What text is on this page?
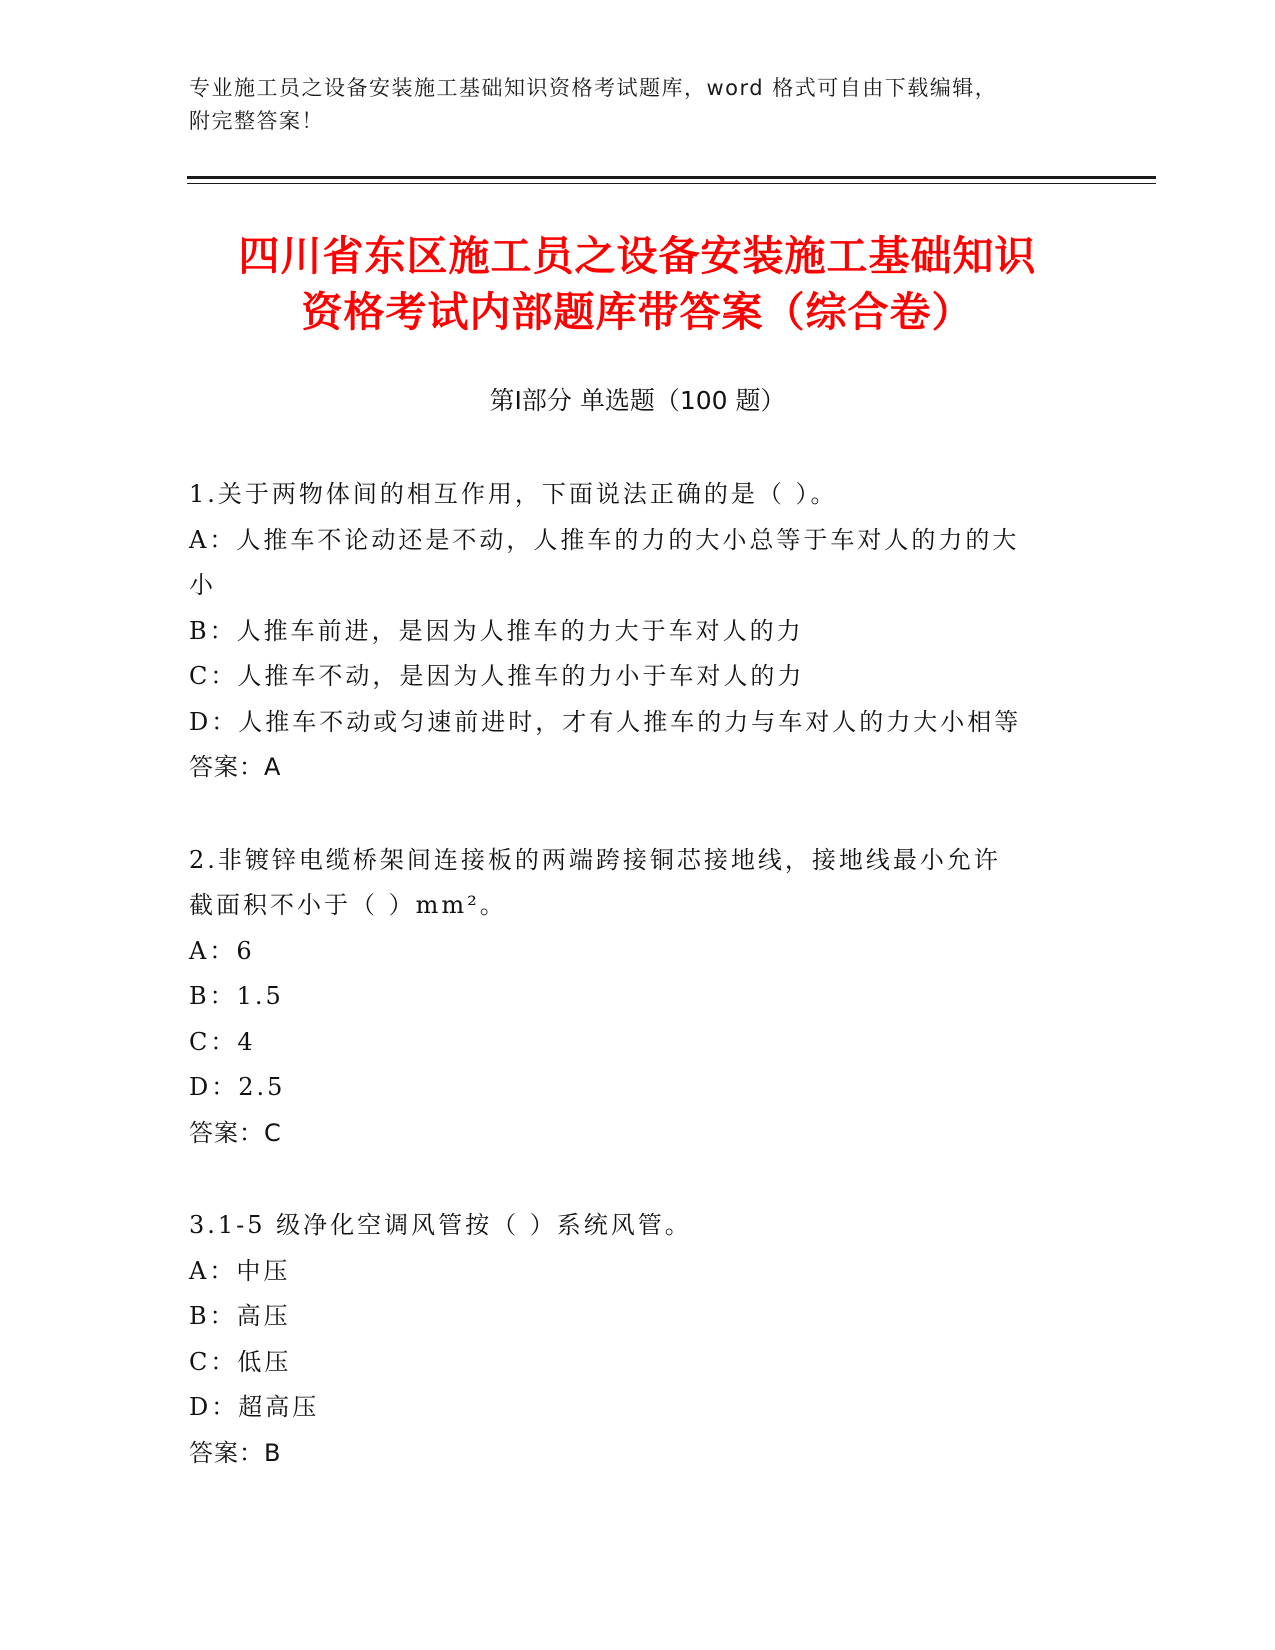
专业施工员之设备安装施工基础知识资格考试题库，word 格式可自由下载编辑，
附完整答案！
四川省东区施工员之设备安装施工基础知识
资格考试内部题库带答案（综合卷）
第Ⅰ部分 单选题（100 题）
1.关于两物体间的相互作用，下面说法正确的是（ ）。
A：人推车不论动还是不动，人推车的力的大小总等于车对人的力的大
小
B：人推车前进，是因为人推车的力大于车对人的力
C：人推车不动，是因为人推车的力小于车对人的力
D：人推车不动或匀速前进时，才有人推车的力与车对人的力大小相等
答案：A
2.非镀锌电缆桥架间连接板的两端跨接铜芯接地线，接地线最小允许
截面积不小于（ ）mm²。
A：6
B：1.5
C：4
D：2.5
答案：C
3.1-5 级净化空调风管按（ ）系统风管。
A：中压
B：高压
C：低压
D：超高压
答案：B
